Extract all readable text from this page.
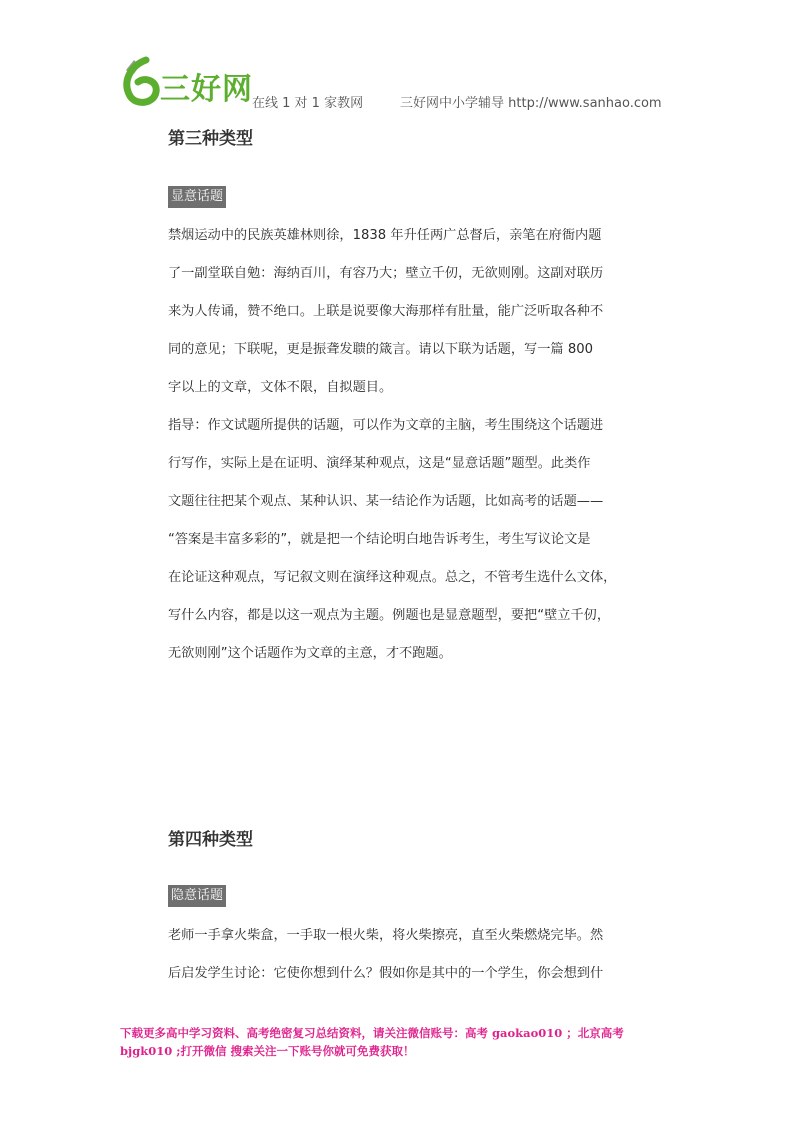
三好网 在线 1 对 1 家教网	三好网中小学辅导 http://www.sanhao.com
第三种类型
显意话题
禁烟运动中的民族英雄林则徐，1838 年升任两广总督后，亲笔在府衙内题
了一副堂联自勉：海纳百川，有容乃大；壁立千仞，无欲则刚。这副对联历
来为人传诵，赞不绝口。上联是说要像大海那样有肚量，能广泛听取各种不
同的意见；下联呢，更是振聋发聩的箴言。请以下联为话题，写一篇 800
字以上的文章，文体不限，自拟题目。
指导：作文试题所提供的话题，可以作为文章的主脑，考生围绕这个话题进
行写作，实际上是在证明、演绎某种观点，这是“显意话题”题型。此类作
文题往往把某个观点、某种认识、某一结论作为话题，比如高考的话题——
“答案是丰富多彩的”，就是把一个结论明白地告诉考生，考生写议论文是
在论证这种观点，写记叙文则在演绎这种观点。总之，不管考生选什么文体，
写什么内容，都是以这一观点为主题。例题也是显意题型，要把“壁立千仞，
无欲则刚”这个话题作为文章的主意，才不跑题。
第四种类型
隐意话题
老师一手拿火柴盒，一手取一根火柴，将火柴擦亮，直至火柴燃烧完毕。然
后启发学生讨论：它使你想到什么？假如你是其中的一个学生，你会想到什
下载更多高中学习资料、高考绝密复习总结资料，请关注微信账号：高考 gaokao010 ；北京高考
bjgk010 ;打开微信 搜索关注一下账号你就可免费获取！
